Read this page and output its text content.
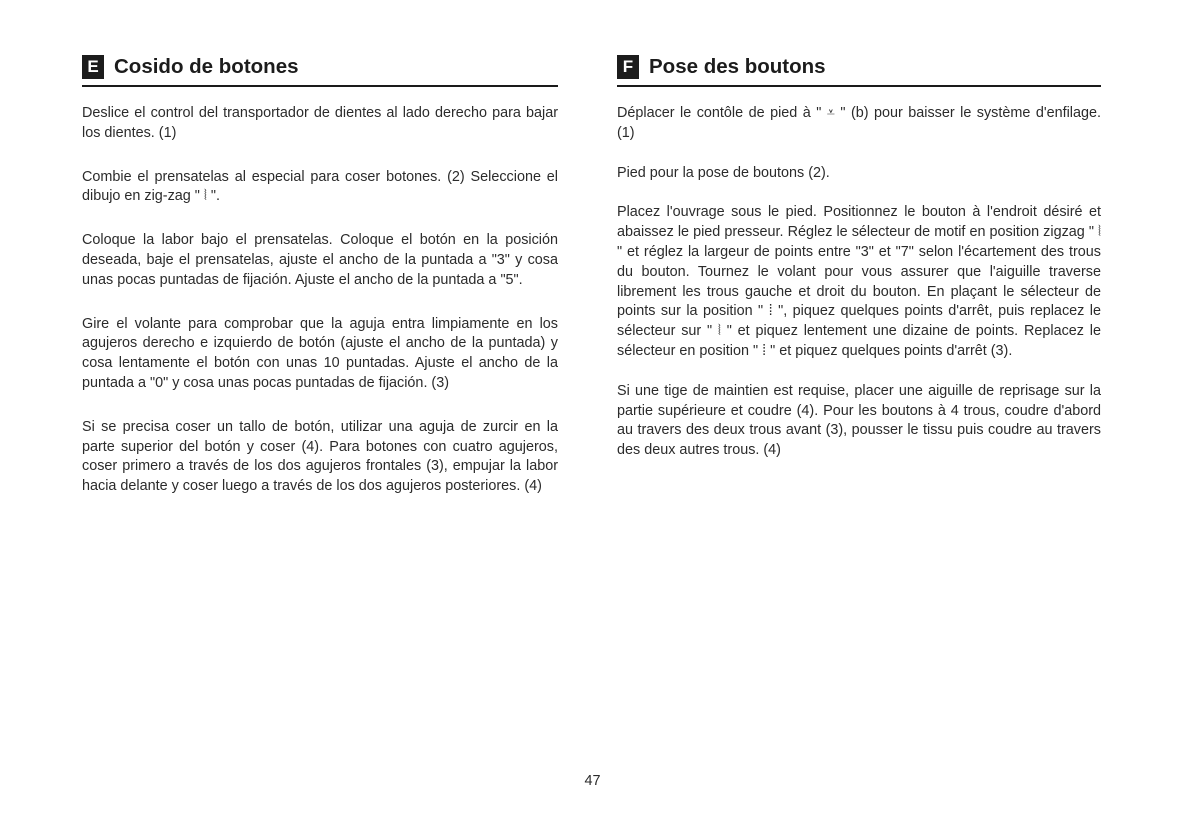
E Cosido de botones

Deslice el control del transportador de dientes al lado derecho para bajar los dientes. (1)

Combie el prensatelas al especial para coser botones. (2) Seleccione el dibujo en zig-zag " ⦚ ".

Coloque la labor bajo el prensatelas. Coloque el botón en la posición deseada, baje el prensatelas, ajuste el ancho de la puntada a "3" y cosa unas pocas puntadas de fijación. Ajuste el ancho de la puntada a "5".

Gire el volante para comprobar que la aguja entra limpiamente en los agujeros derecho e izquierdo de botón (ajuste el ancho de la puntada) y cosa lentamente el botón con unas 10 puntadas. Ajuste el ancho de la puntada a "0" y cosa unas pocas puntadas de fijación. (3)

Si se precisa coser un tallo de botón, utilizar una aguja de zurcir en la parte superior del botón y coser (4). Para botones con cuatro agujeros, coser primero a través de los dos agujeros frontales (3), empujar la labor hacia delante y coser luego a través de los dos agujeros posteriores. (4)

F Pose des boutons

Déplacer le contôle de pied à " ⩡ " (b) pour baisser le système d'enfilage. (1)

Pied pour la pose de boutons (2).

Placez l'ouvrage sous le pied. Positionnez le bouton à l'endroit désiré et abaissez le pied presseur. Réglez le sélecteur de motif en position zigzag " ⦚ " et réglez la largeur de points entre "3" et "7" selon l'écartement des trous du bouton. Tournez le volant pour vous assurer que l'aiguille traverse librement les trous gauche et droit du bouton. En plaçant le sélecteur de points sur la position " ⁞ ", piquez quelques points d'arrêt, puis replacez le sélecteur sur " ⦚ " et piquez lentement une dizaine de points. Replacez le sélecteur en position " ⁞ " et piquez quelques points d'arrêt (3).

Si une tige de maintien est requise, placer une aiguille de reprisage sur la partie supérieure et coudre (4). Pour les boutons à 4 trous, coudre d'abord au travers des deux trous avant (3), pousser le tissu puis coudre au travers des deux autres trous. (4)

47
